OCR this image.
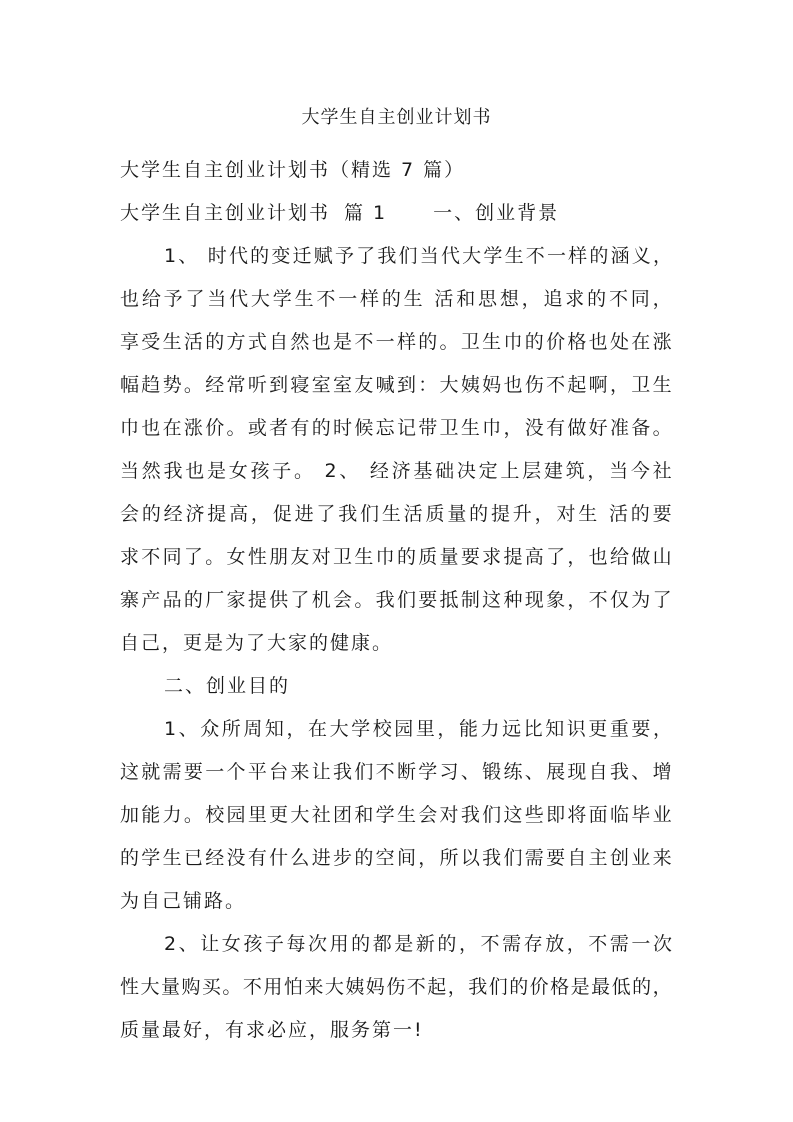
大学生自主创业计划书
大学生自主创业计划书（精选 7 篇）
大学生自主创业计划书 篇 1 一、创业背景
1、 时代的变迁赋予了我们当代大学生不一样的涵义，
也给予了当代大学生不一样的生 活和思想，追求的不同，
享受生活的方式自然也是不一样的。卫生巾的价格也处在涨
幅趋势。经常听到寝室室友喊到：大姨妈也伤不起啊，卫生
巾也在涨价。或者有的时候忘记带卫生巾，没有做好准备。
当然我也是女孩子。 2、 经济基础决定上层建筑，当今社
会的经济提高，促进了我们生活质量的提升，对生 活的要
求不同了。女性朋友对卫生巾的质量要求提高了，也给做山
寨产品的厂家提供了机会。我们要抵制这种现象，不仅为了
自己，更是为了大家的健康。
二、创业目的
1、众所周知，在大学校园里，能力远比知识更重要，
这就需要一个平台来让我们不断学习、锻练、展现自我、增
加能力。校园里更大社团和学生会对我们这些即将面临毕业
的学生已经没有什么进步的空间，所以我们需要自主创业来
为自己铺路。
2、让女孩子每次用的都是新的，不需存放，不需一次
性大量购买。不用怕来大姨妈伤不起，我们的价格是最低的，
质量最好，有求必应，服务第一!
